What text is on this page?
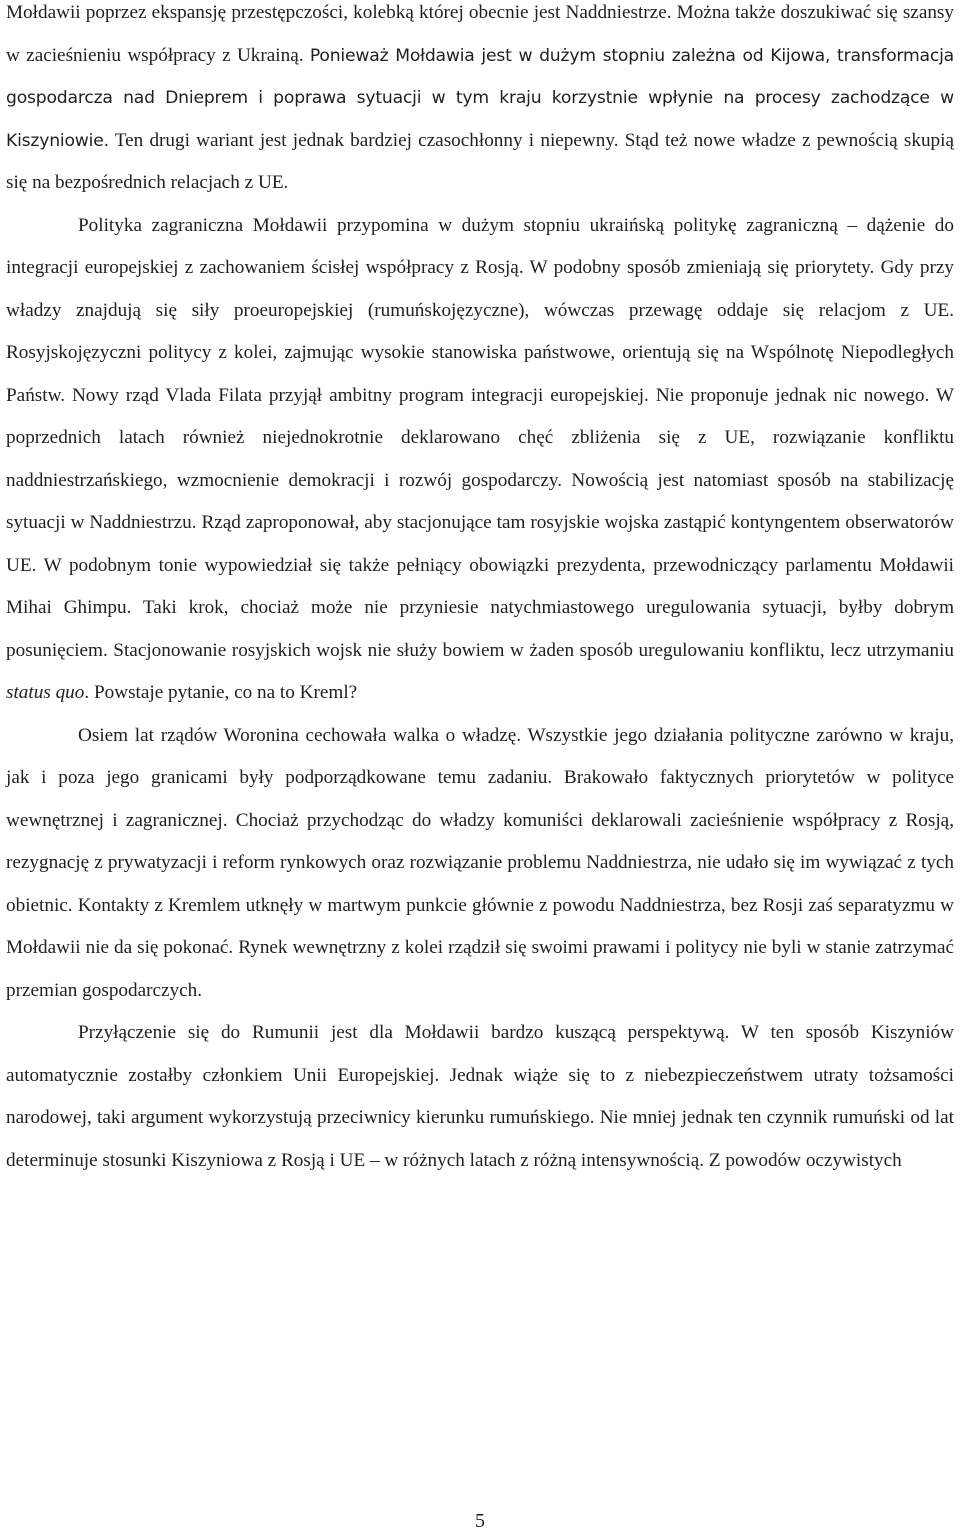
Mołdawii poprzez ekspansję przestępczości, kolebką której obecnie jest Naddniestrze. Można także doszukiwać się szansy w zacieśnieniu współpracy z Ukrainą. Ponieważ Mołdawia jest w dużym stopniu zależna od Kijowa, transformacja gospodarcza nad Dnieprem i poprawa sytuacji w tym kraju korzystnie wpłynie na procesy zachodzące w Kiszyniowie. Ten drugi wariant jest jednak bardziej czasochłonny i niepewny. Stąd też nowe władze z pewnością skupią się na bezpośrednich relacjach z UE.

Polityka zagraniczna Mołdawii przypomina w dużym stopniu ukraińską politykę zagraniczną – dążenie do integracji europejskiej z zachowaniem ścisłej współpracy z Rosją. W podobny sposób zmieniają się priorytety. Gdy przy władzy znajdują się siły proeuropejskiej (rumuńskojęzyczne), wówczas przewagę oddaje się relacjom z UE. Rosyjskojęzyczni politycy z kolei, zajmując wysokie stanowiska państwowe, orientują się na Wspólnotę Niepodległych Państw. Nowy rząd Vlada Filata przyjął ambitny program integracji europejskiej. Nie proponuje jednak nic nowego. W poprzednich latach również niejednokrotnie deklarowano chęć zbliżenia się z UE, rozwiązanie konfliktu naddniestrzańskiego, wzmocnienie demokracji i rozwój gospodarczy. Nowością jest natomiast sposób na stabilizację sytuacji w Naddniestrzu. Rząd zaproponował, aby stacjonujące tam rosyjskie wojska zastąpić kontyngentem obserwatorów UE. W podobnym tonie wypowiedział się także pełniący obowiązki prezydenta, przewodniczący parlamentu Mołdawii Mihai Ghimpu. Taki krok, chociaż może nie przyniesie natychmiastowego uregulowania sytuacji, byłby dobrym posunięciem. Stacjonowanie rosyjskich wojsk nie służy bowiem w żaden sposób uregulowaniu konfliktu, lecz utrzymaniu status quo. Powstaje pytanie, co na to Kreml?

Osiem lat rządów Woronina cechowała walka o władzę. Wszystkie jego działania polityczne zarówno w kraju, jak i poza jego granicami były podporządkowane temu zadaniu. Brakowało faktycznych priorytetów w polityce wewnętrznej i zagranicznej. Chociaż przychodząc do władzy komuniści deklarowali zacieśnienie współpracy z Rosją, rezygnację z prywatyzacji i reform rynkowych oraz rozwiązanie problemu Naddniestrza, nie udało się im wywiązać z tych obietnic. Kontakty z Kremlem utknęły w martwym punkcie głównie z powodu Naddniestrza, bez Rosji zaś separatyzmu w Mołdawii nie da się pokonać. Rynek wewnętrzny z kolei rządził się swoimi prawami i politycy nie byli w stanie zatrzymać przemian gospodarczych.

Przyłączenie się do Rumunii jest dla Mołdawii bardzo kuszącą perspektywą. W ten sposób Kiszyniów automatycznie zostałby członkiem Unii Europejskiej. Jednak wiąże się to z niebezpieczeństwem utraty tożsamości narodowej, taki argument wykorzystują przeciwnicy kierunku rumuńskiego. Nie mniej jednak ten czynnik rumuński od lat determinuje stosunki Kiszyniowa z Rosją i UE – w różnych latach z różną intensywnością. Z powodów oczywistych

5
